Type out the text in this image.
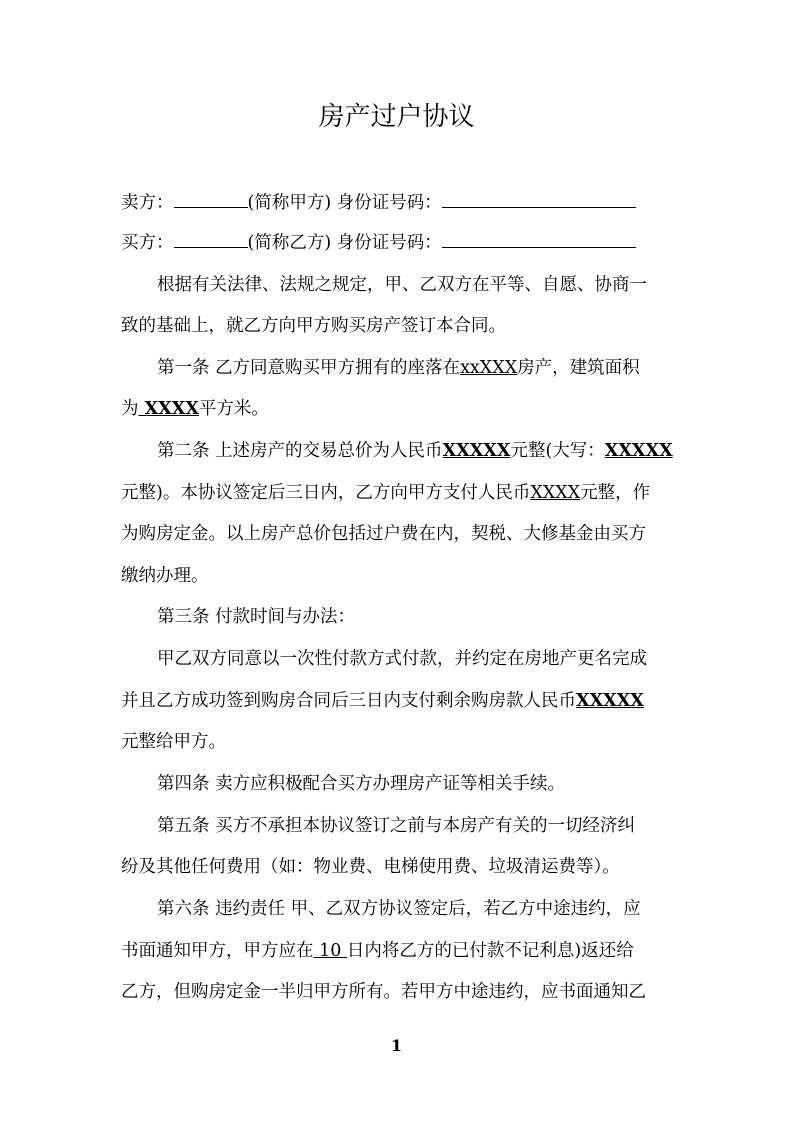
房产过户协议
卖方：	(简称甲方) 身份证号码：
买方：	(简称乙方) 身份证号码：
根据有关法律、法规之规定，甲、乙双方在平等、自愿、协商一
致的基础上，就乙方向甲方购买房产签订本合同。
第一条 乙方同意购买甲方拥有的座落在xxXXX房产，建筑面积
为 XXXX平方米。
第二条 上述房产的交易总价为人民币XXXXX元整(大写：XXXXX
元整)。本协议签定后三日内，乙方向甲方支付人民币XXXX元整，作
为购房定金。以上房产总价包括过户费在内，契税、大修基金由买方
缴纳办理。
第三条 付款时间与办法：
甲乙双方同意以一次性付款方式付款，并约定在房地产更名完成
并且乙方成功签到购房合同后三日内支付剩余购房款人民币XXXXX
元整给甲方。
第四条 卖方应积极配合买方办理房产证等相关手续。
第五条 买方不承担本协议签订之前与本房产有关的一切经济纠
纷及其他任何费用（如：物业费、电梯使用费、垃圾清运费等）。
第六条 违约责任 甲、乙双方协议签定后，若乙方中途违约，应
书面通知甲方，甲方应在 10 日内将乙方的已付款不记利息)返还给
乙方，但购房定金一半归甲方所有。若甲方中途违约，应书面通知乙
1
